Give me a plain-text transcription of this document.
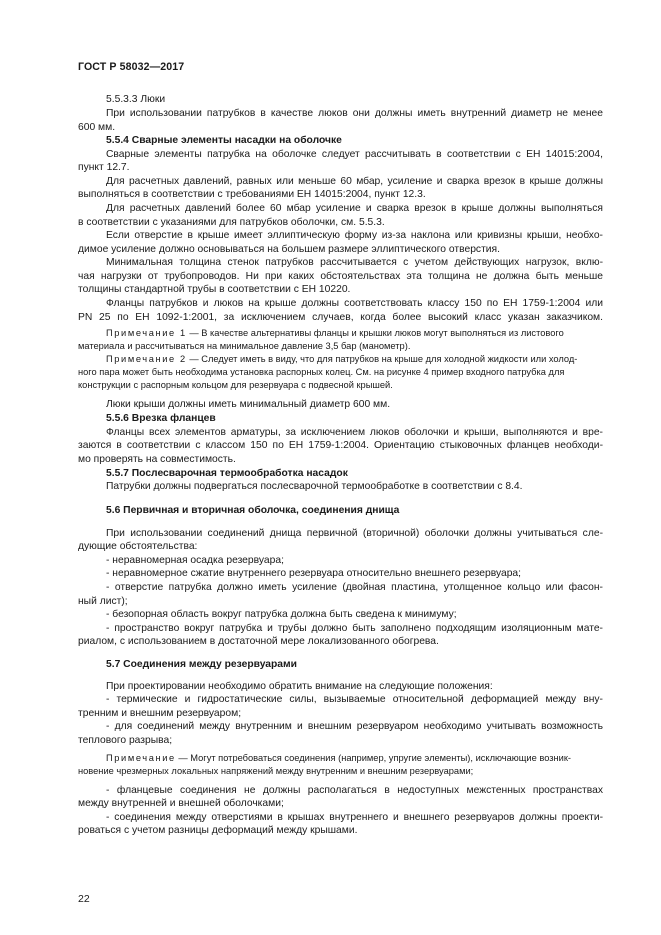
ГОСТ Р 58032—2017
5.5.3.3 Люки
При использовании патрубков в качестве люков они должны иметь внутренний диаметр не менее
600 мм.
5.5.4 Сварные элементы насадки на оболочке
Сварные элементы патрубка на оболочке следует рассчитывать в соответствии с ЕН 14015:2004,
пункт 12.7.
Для расчетных давлений, равных или меньше 60 мбар, усиление и сварка врезок в крыше должны
выполняться в соответствии с требованиями ЕН 14015:2004, пункт 12.3.
Для расчетных давлений более 60 мбар усиление и сварка врезок в крыше должны выполняться
в соответствии с указаниями для патрубков оболочки, см. 5.5.3.
Если отверстие в крыше имеет эллиптическую форму из-за наклона или кривизны крыши, необхо-
димое усиление должно основываться на большем размере эллиптического отверстия.
Минимальная толщина стенок патрубков рассчитывается с учетом действующих нагрузок, вклю-
чая нагрузки от трубопроводов. Ни при каких обстоятельствах эта толщина не должна быть меньше
толщины стандартной трубы в соответствии с ЕН 10220.
Фланцы патрубков и люков на крыше должны соответствовать классу 150 по ЕН 1759-1:2004 или
PN 25 по ЕН 1092-1:2001, за исключением случаев, когда более высокий класс указан заказчиком.
Примечание 1 — В качестве альтернативы фланцы и крышки люков могут выполняться из листового
материала и рассчитываться на минимальное давление 3,5 бар (манометр).
Примечание 2 — Следует иметь в виду, что для патрубков на крыше для холодной жидкости или холод-
ного пара может быть необходима установка распорных колец. См. на рисунке 4 пример входного патрубка для
конструкции с распорным кольцом для резервуара с подвесной крышей.
Люки крыши должны иметь минимальный диаметр 600 мм.
5.5.6 Врезка фланцев
Фланцы всех элементов арматуры, за исключением люков оболочки и крыши, выполняются и вре-
заются в соответствии с классом 150 по ЕН 1759-1:2004. Ориентацию стыковочных фланцев необходи-
мо проверять на совместимость.
5.5.7 Послесварочная термообработка насадок
Патрубки должны подвергаться послесварочной термообработке в соответствии с 8.4.
5.6 Первичная и вторичная оболочка, соединения днища
При использовании соединений днища первичной (вторичной) оболочки должны учитываться сле-
дующие обстоятельства:
- неравномерная осадка резервуара;
- неравномерное сжатие внутреннего резервуара относительно внешнего резервуара;
- отверстие патрубка должно иметь усиление (двойная пластина, утолщенное кольцо или фасон-
ный лист);
- безопорная область вокруг патрубка должна быть сведена к минимуму;
- пространство вокруг патрубка и трубы должно быть заполнено подходящим изоляционным мате-
риалом, с использованием в достаточной мере локализованного обогрева.
5.7 Соединения между резервуарами
При проектировании необходимо обратить внимание на следующие положения:
- термические и гидростатические силы, вызываемые относительной деформацией между вну-
тренним и внешним резервуаром;
- для соединений между внутренним и внешним резервуаром необходимо учитывать возможность
теплового разрыва;
Примечание — Могут потребоваться соединения (например, упругие элементы), исключающие возник-
новение чрезмерных локальных напряжений между внутренним и внешним резервуарами;
- фланцевые соединения не должны располагаться в недоступных межстенных пространствах
между внутренней и внешней оболочками;
- соединения между отверстиями в крышах внутреннего и внешнего резервуаров должны проекти-
роваться с учетом разницы деформаций между крышами.
22
